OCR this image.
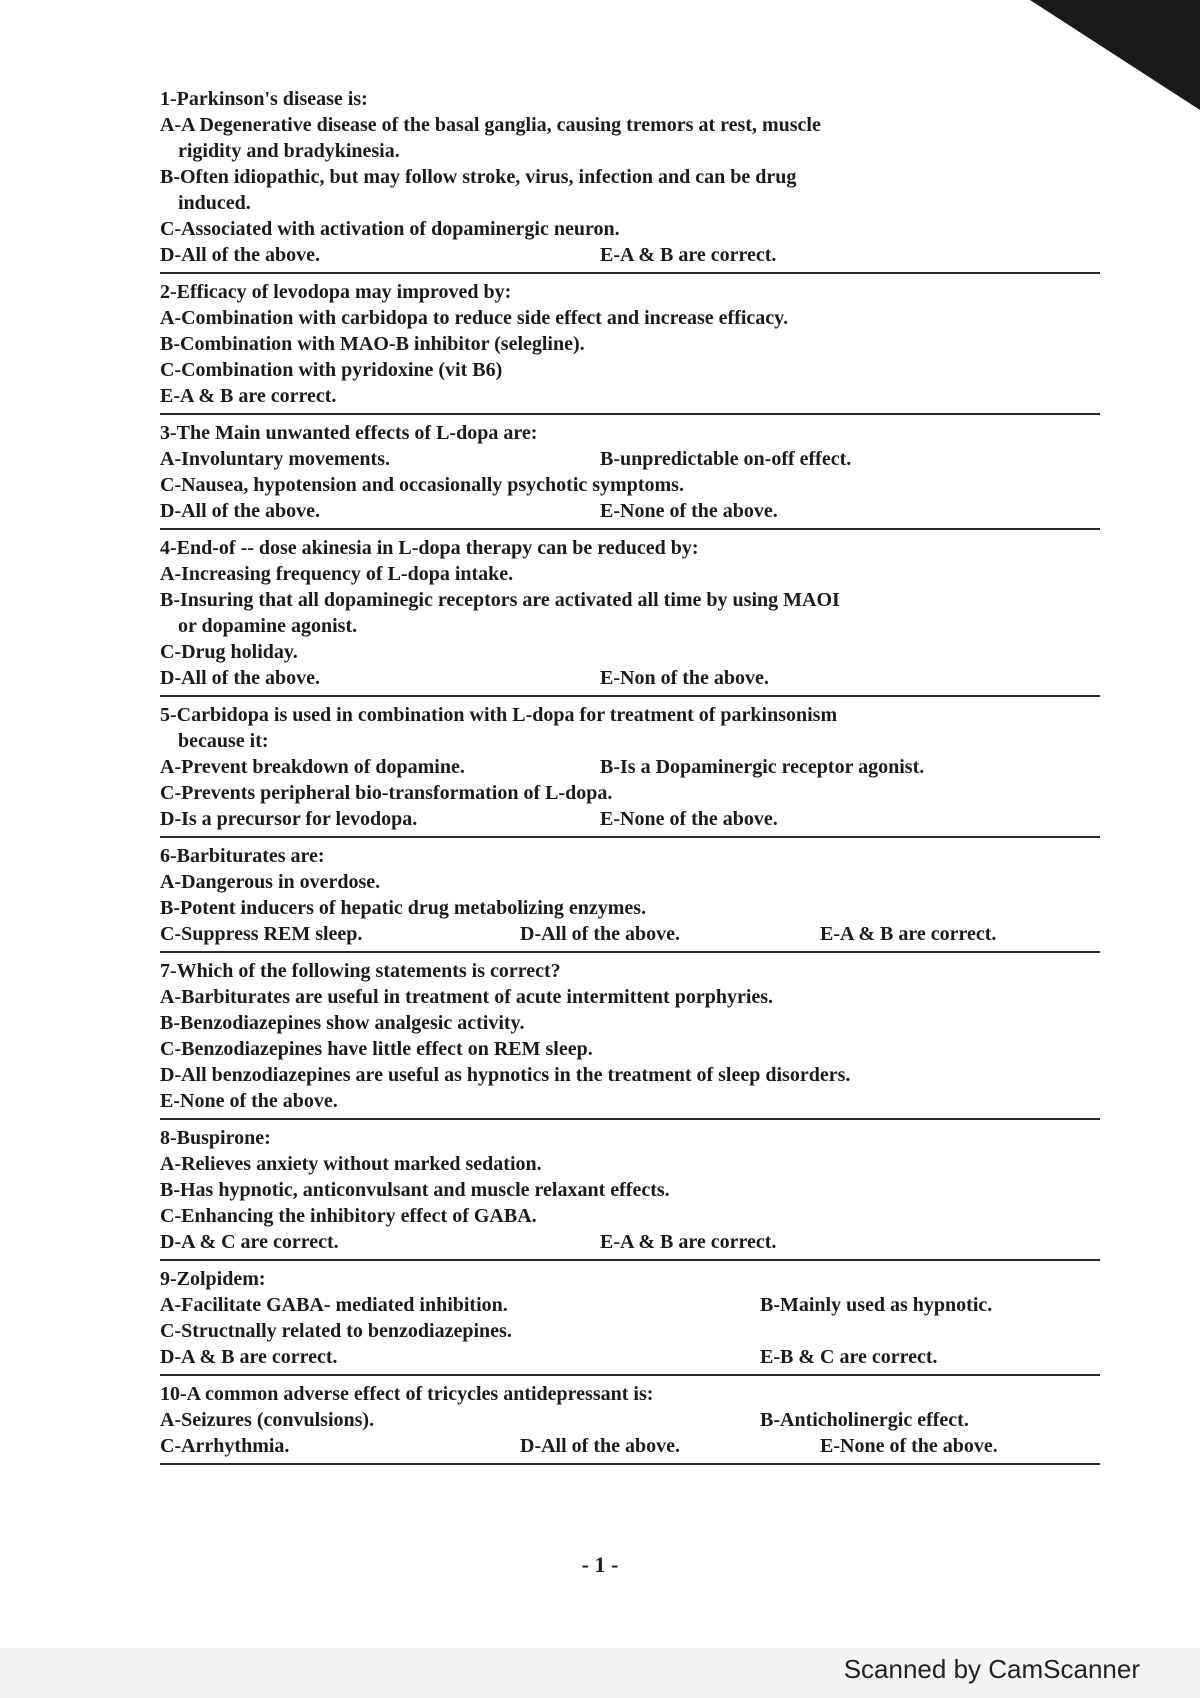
1-Parkinson's disease is:
A-A Degenerative disease of the basal ganglia, causing tremors at rest, muscle
rigidity and bradykinesia.
B-Often idiopathic, but may follow stroke, virus, infection and can be drug
induced.
C-Associated with activation of dopaminergic neuron.
D-All of the above.	E-A & B are correct.
2-Efficacy of levodopa may improved by:
A-Combination with carbidopa to reduce side effect and increase efficacy.
B-Combination with MAO-B inhibitor (selegline).
C-Combination with pyridoxine (vit B6)
E-A & B are correct.
3-The Main unwanted effects of L-dopa are:
A-Involuntary movements.	B-unpredictable on-off effect.
C-Nausea, hypotension and occasionally psychotic symptoms.
D-All of the above.	E-None of the above.
4-End-of -- dose akinesia in L-dopa therapy can be reduced by:
A-Increasing frequency of L-dopa intake.
B-Insuring that all dopaminegic receptors are activated all time by using MAOI
or dopamine agonist.
C-Drug holiday.
D-All of the above.	E-Non of the above.
5-Carbidopa is used in combination with L-dopa for treatment of parkinsonism
because it:
A-Prevent breakdown of dopamine.	B-Is a Dopaminergic receptor agonist.
C-Prevents peripheral bio-transformation of L-dopa.
D-Is a precursor for levodopa.	E-None of the above.
6-Barbiturates are:
A-Dangerous in overdose.
B-Potent inducers of hepatic drug metabolizing enzymes.
C-Suppress REM sleep.	D-All of the above.	E-A & B are correct.
7-Which of the following statements is correct?
A-Barbiturates are useful in treatment of acute intermittent porphyries.
B-Benzodiazepines show analgesic activity.
C-Benzodiazepines have little effect on REM sleep.
D-All benzodiazepines are useful as hypnotics in the treatment of sleep disorders.
E-None of the above.
8-Buspirone:
A-Relieves anxiety without marked sedation.
B-Has hypnotic, anticonvulsant and muscle relaxant effects.
C-Enhancing the inhibitory effect of GABA.
D-A & C are correct.	E-A & B are correct.
9-Zolpidem:
A-Facilitate GABA- mediated inhibition.	B-Mainly used as hypnotic.
C-Structnally related to benzodiazepines.
D-A & B are correct.	E-B & C are correct.
10-A common adverse effect of tricycles antidepressant is:
A-Seizures (convulsions).	B-Anticholinergic effect.
C-Arrhythmia.	D-All of the above.	E-None of the above.
- 1 -
Scanned by CamScanner
